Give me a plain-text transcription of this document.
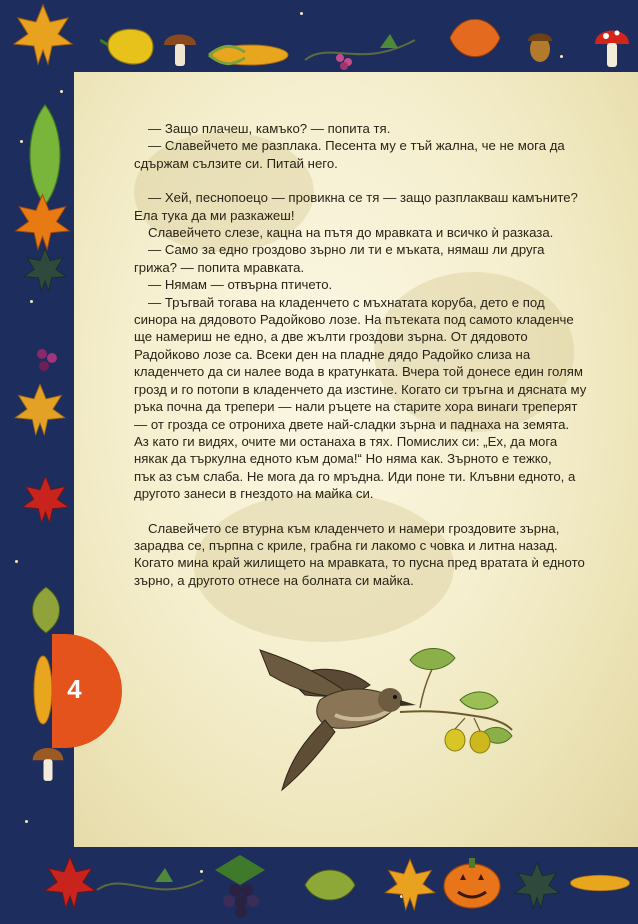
4

— Защо плачеш, камъко? — попита тя.

— Славейчето ме разплака. Песента му е тъй жална, че не мога да

сдържам сълзите си. Питай него.

— Хей, песнопоецо — провикна се тя — защо разплакваш камъните?

Ела тука да ми разкажеш!

Славейчето слезе, кацна на пътя до мравката и всичко ѝ разказа.

— Само за едно гроздово зърно ли ти е мъката, нямаш ли друга

грижа? — попита мравката.

— Нямам — отвърна птичето.

— Тръгвай тогава на кладенчето с мъхнатата коруба, дето е под

синора на дядовото Радойково лозе. На пътеката под самото кладенче

ще намериш не едно, а две жълти гроздови зърна. От дядовото

Радойково лозе са. Всеки ден на пладне дядо Радойко слиза на

кладенчето да си налее вода в кратунката. Вчера той донесе един голям

грозд и го потопи в кладенчето да изстине. Когато си тръгна и дясната му

ръка почна да трепери — нали ръцете на старите хора винаги треперят

— от грозда се отрониха двете най-сладки зърна и паднаха на земята.

Аз като ги видях, очите ми останаха в тях. Помислих си: „Ех, да мога

някак да търкулна едното към дома!“ Но няма как. Зърното е тежко,

пък аз съм слаба. Не мога да го мръдна. Иди поне ти. Клъвни едното, а

другото занеси в гнездото на майка си.

Славейчето се втурна към кладенчето и намери гроздовите зърна,

зарадва се, пърпна с криле, грабна ги лакомо с човка и литна назад.

Когато мина край жилището на мравката, то пусна пред вратата ѝ едното

зърно, а другото отнесе на болната си майка.
